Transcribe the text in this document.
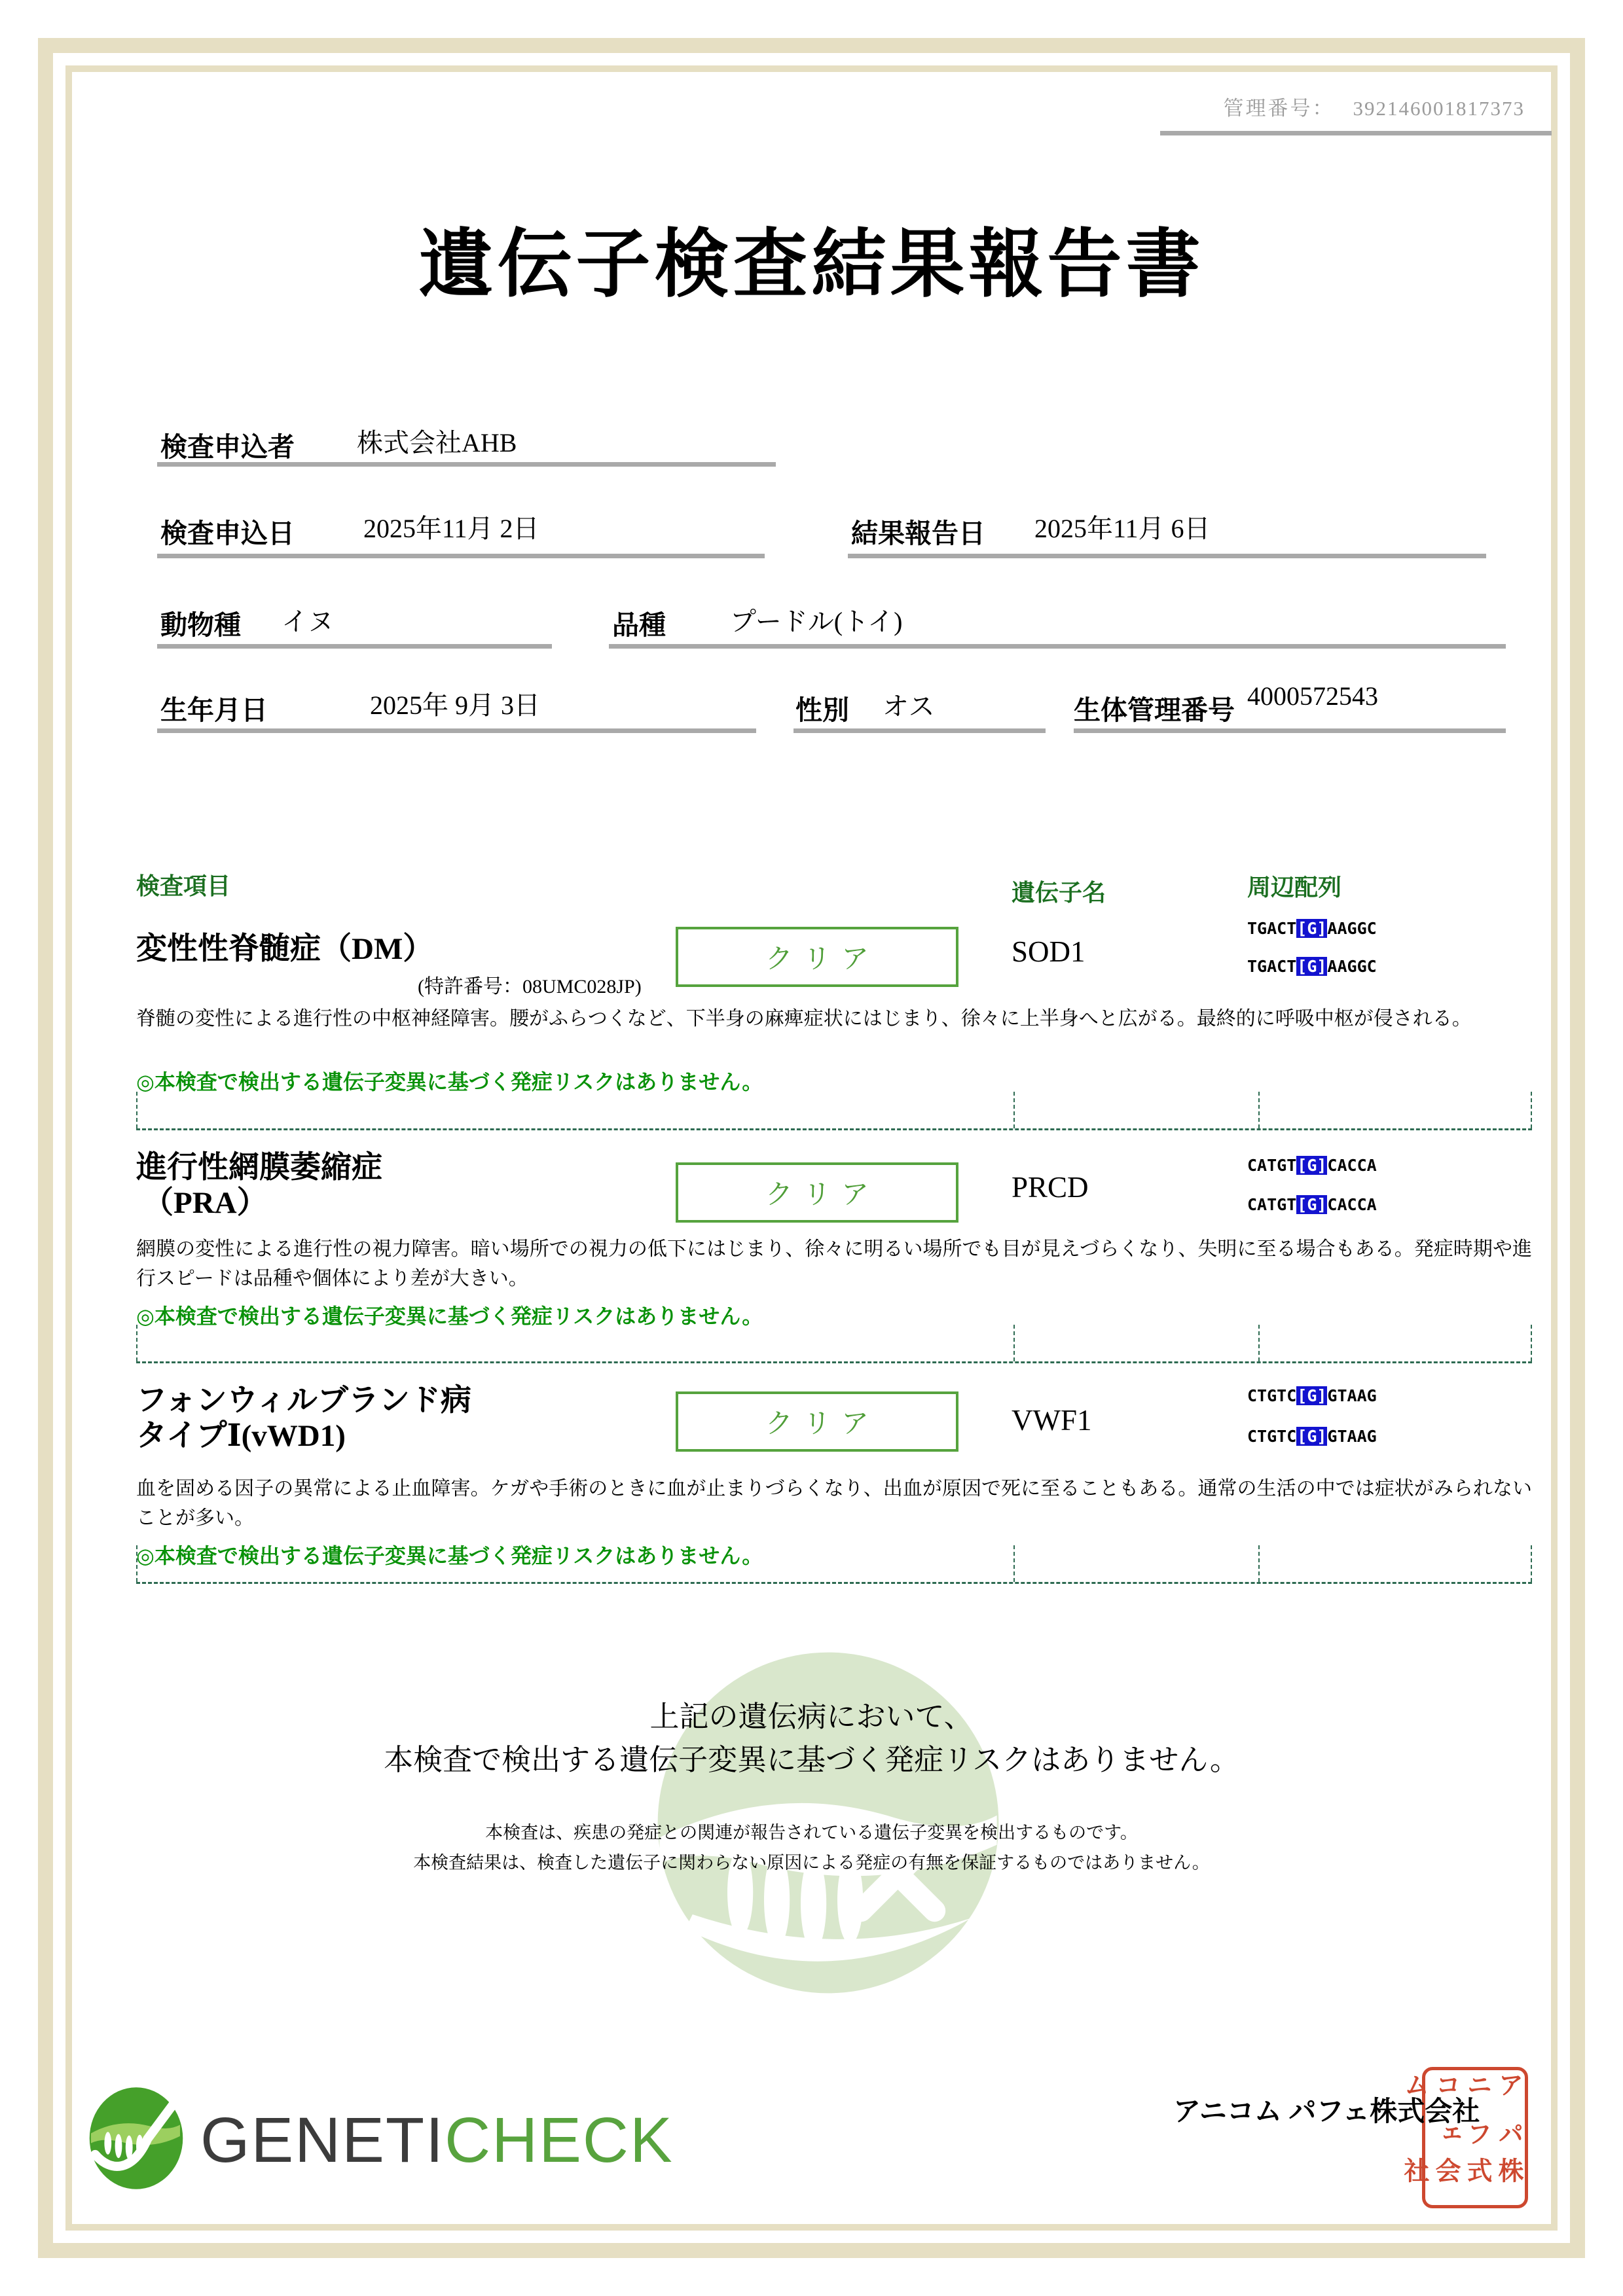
管理番号： 392146001817373
遺伝子検査結果報告書
検査申込者 株式会社AHB
検査申込日	2025年11月 2日	結果報告日 2025年11月 6日
動物種 イヌ	品種 プードル(トイ)
生年月日	2025年 9月 3日	性別 オス	生体管理番号 4000572543
検査項目	遺伝子名	周辺配列
変性性脊髄症（DM）
(特許番号：08UMC028JP)
クリア	SOD1
TGACT[G]AAGGC
TGACT[G]AAGGC
脊髄の変性による進行性の中枢神経障害。腰がふらつくなど、下半身の麻痺症状にはじまり、徐々に上半身へと広がる。最終的に呼吸中枢が侵される。
◎本検査で検出する遺伝子変異に基づく発症リスクはありません。
進行性網膜萎縮症
（PRA）	クリア	PRCD
CATGT[G]CACCA
CATGT[G]CACCA
網膜の変性による進行性の視力障害。暗い場所での視力の低下にはじまり、徐々に明るい場所でも目が見えづらくなり、失明に至る場合もある。発症時期や進行スピードは品種や個体により差が大きい。
◎本検査で検出する遺伝子変異に基づく発症リスクはありません。
フォンウィルブランド病
タイプⅠ(vWD1)	クリア	VWF1
CTGTC[G]GTAAG
CTGTC[G]GTAAG
血を固める因子の異常による止血障害。ケガや手術のときに血が止まりづらくなり、出血が原因で死に至ることもある。通常の生活の中では症状がみられないことが多い。
◎本検査で検出する遺伝子変異に基づく発症リスクはありません。
上記の遺伝病において、
本検査で検出する遺伝子変異に基づく発症リスクはありません。
本検査は、疾患の発症との関連が報告されている遺伝子変異を検出するものです。
本検査結果は、検査した遺伝子に関わらない原因による発症の有無を保証するものではありません。
GENETICHECK	アニコム パフェ株式会社
アニコム
パフェ
株式会社
